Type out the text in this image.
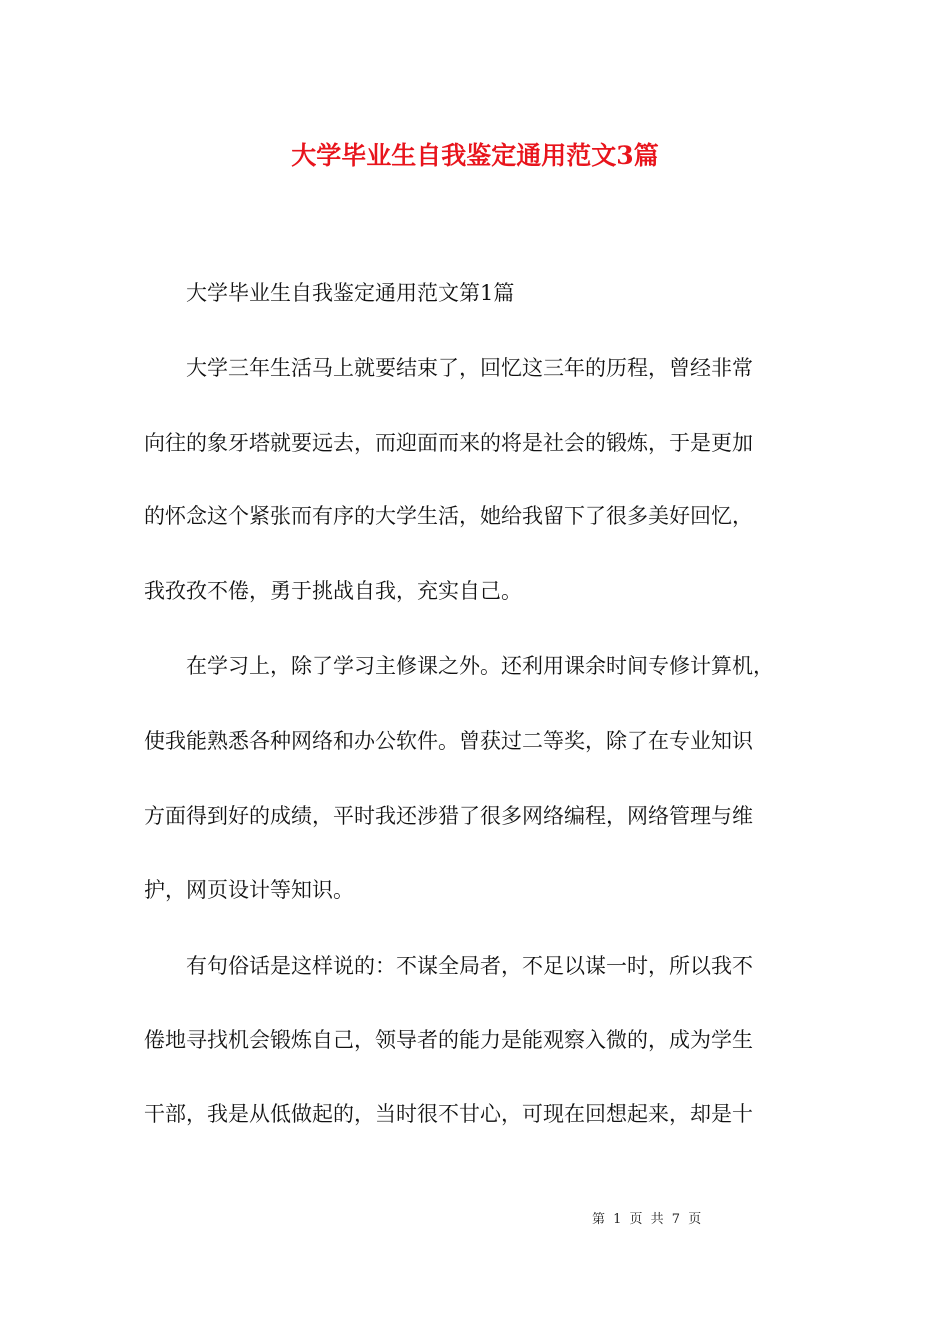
大学毕业生自我鉴定通用范文3篇

　　大学毕业生自我鉴定通用范文第1篇

　　大学三年生活马上就要结束了，回忆这三年的历程，曾经非常

向往的象牙塔就要远去，而迎面而来的将是社会的锻炼，于是更加

的怀念这个紧张而有序的大学生活，她给我留下了很多美好回忆，

我孜孜不倦，勇于挑战自我，充实自己。

　　在学习上，除了学习主修课之外。还利用课余时间专修计算机，

使我能熟悉各种网络和办公软件。曾获过二等奖，除了在专业知识

方面得到好的成绩，平时我还涉猎了很多网络编程，网络管理与维

护，网页设计等知识。

　　有句俗话是这样说的：不谋全局者，不足以谋一时，所以我不

倦地寻找机会锻炼自己，领导者的能力是能观察入微的，成为学生

干部，我是从低做起的，当时很不甘心，可现在回想起来，却是十

第 1 页 共 7 页
